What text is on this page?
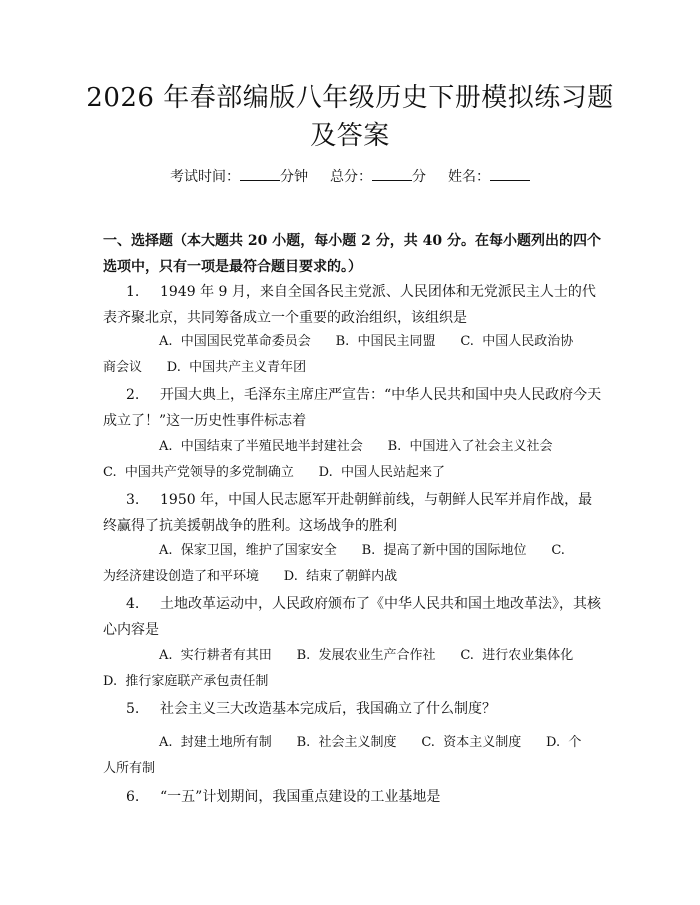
2026 年春部编版八年级历史下册模拟练习题
及答案
考试时间：	分钟 总分：	分 姓名：
一、选择题（本大题共 20 小题，每小题 2 分，共 40 分。在每小题列出的四个选项中，只有一项是最符合题目要求的。）
1. 1949 年 9 月，来自全国各民主党派、人民团体和无党派民主人士的代表齐聚北京，共同筹备成立一个重要的政治组织，该组织是
A.  中国国民党革命委员会      B.  中国民主同盟      C.  中国人民政治协
商会议      D.  中国共产主义青年团
2. 开国大典上，毛泽东主席庄严宣告：“中华人民共和国中央人民政府今天成立了！”这一历史性事件标志着
A.  中国结束了半殖民地半封建社会      B.  中国进入了社会主义社会
C.  中国共产党领导的多党制确立      D.  中国人民站起来了
3. 1950 年，中国人民志愿军开赴朝鲜前线，与朝鲜人民军并肩作战，最终赢得了抗美援朝战争的胜利。这场战争的胜利
A.  保家卫国，维护了国家安全      B.  提高了新中国的国际地位      C.
为经济建设创造了和平环境      D.  结束了朝鲜内战
4. 土地改革运动中，人民政府颁布了《中华人民共和国土地改革法》，其核心内容是
A.  实行耕者有其田      B.  发展农业生产合作社      C.  进行农业集体化
D.  推行家庭联产承包责任制
5. 社会主义三大改造基本完成后，我国确立了什么制度？
A.  封建土地所有制      B.  社会主义制度      C.  资本主义制度      D.  个
人所有制
6. “一五”计划期间，我国重点建设的工业基地是
